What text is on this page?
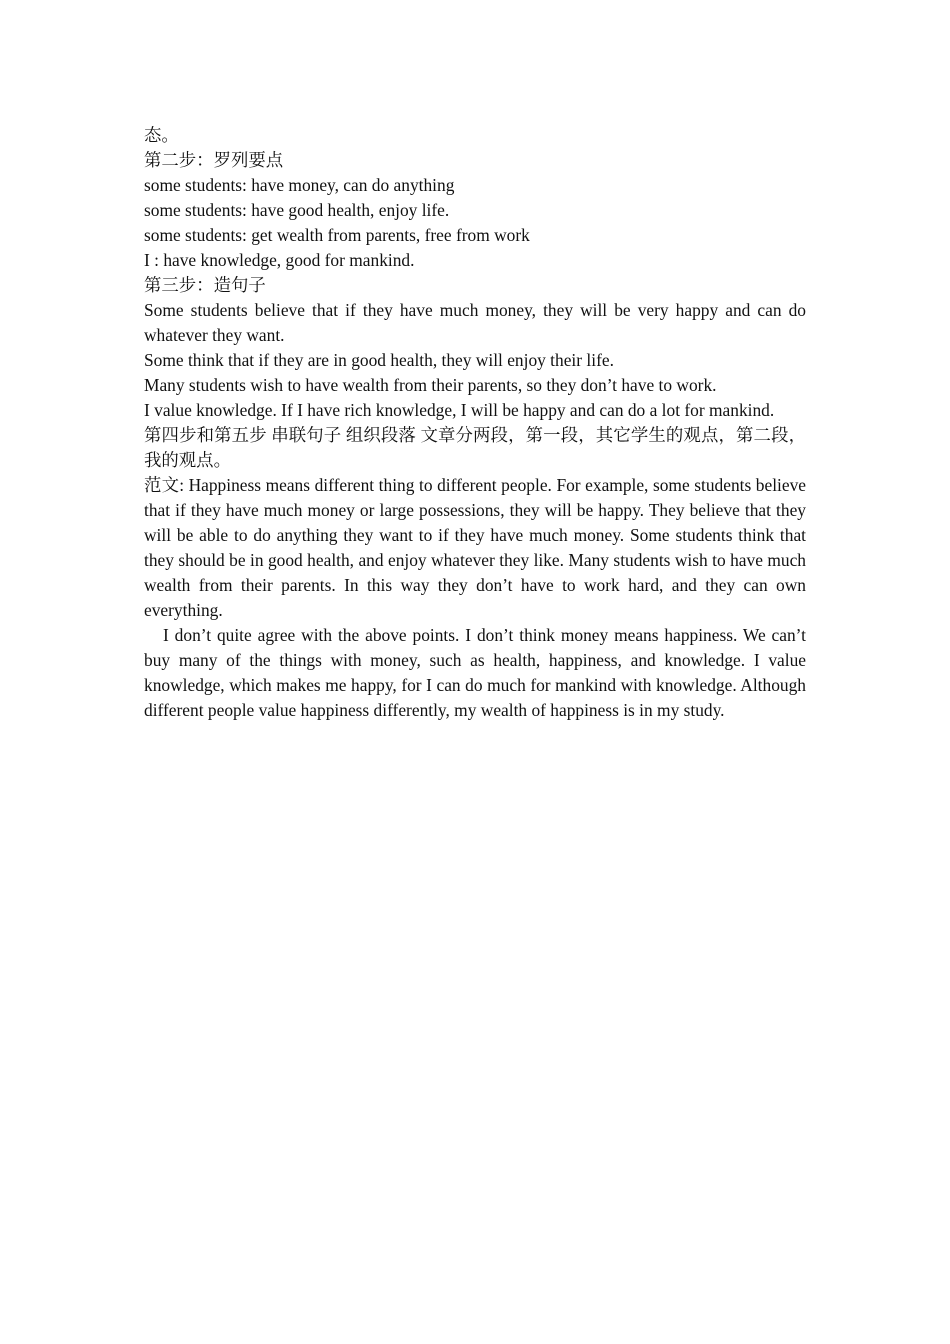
态。

第二步：罗列要点

some students: have money, can do anything

some students: have good health, enjoy life.

some students: get wealth from parents, free from work

I : have knowledge, good for mankind.

第三步：造句子

Some students believe that if they have much money, they will be very happy and can do whatever they want.

Some think that if they are in good health, they will enjoy their life.

Many students wish to have wealth from their parents, so they don’t have to work.

I value knowledge. If I have rich knowledge, I will be happy and can do a lot for mankind.

第四步和第五步 串联句子 组织段落 文章分两段，第一段，其它学生的观点，第二段，我的观点。

范文: Happiness means different thing to different people. For example, some students believe that if they have much money or large possessions, they will be happy. They believe that they will be able to do anything they want to if they have much money. Some students think that they should be in good health, and enjoy whatever they like. Many students wish to have much wealth from their parents. In this way they don’t have to work hard, and they can own everything.

I don’t quite agree with the above points. I don’t think money means happiness. We can’t buy many of the things with money, such as health, happiness, and knowledge. I value knowledge, which makes me happy, for I can do much for mankind with knowledge. Although different people value happiness differently, my wealth of happiness is in my study.
